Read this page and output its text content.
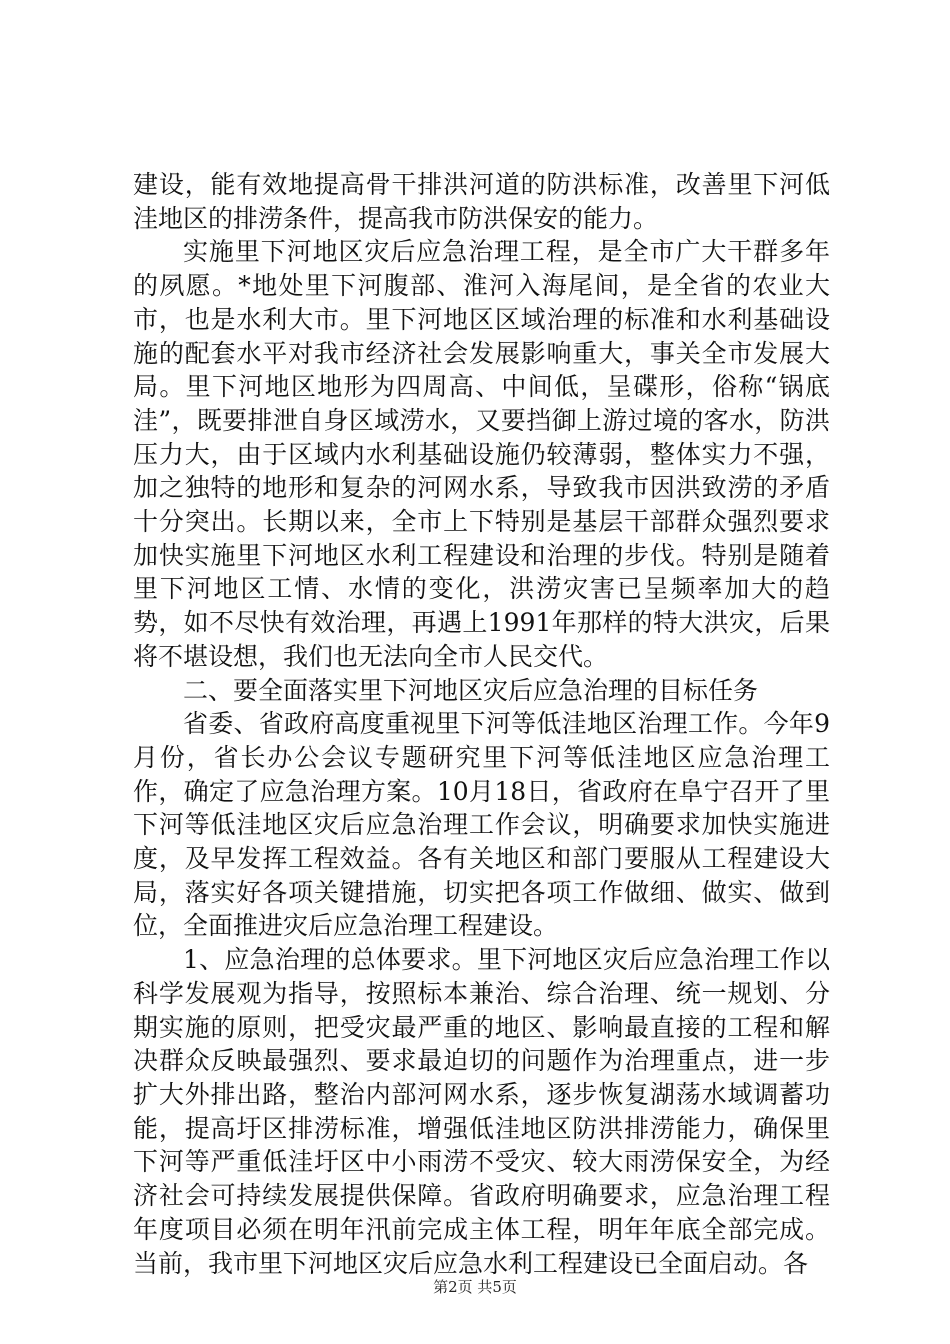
建设，能有效地提高骨干排洪河道的防洪标准，改善里下河低洼地区的排涝条件，提高我市防洪保安的能力。

实施里下河地区灾后应急治理工程，是全市广大干群多年的夙愿。*地处里下河腹部、淮河入海尾间，是全省的农业大市，也是水利大市。里下河地区区域治理的标准和水利基础设施的配套水平对我市经济社会发展影响重大，事关全市发展大局。里下河地区地形为四周高、中间低，呈碟形，俗称“锅底洼”，既要排泄自身区域涝水，又要挡御上游过境的客水，防洪压力大，由于区域内水利基础设施仍较薄弱，整体实力不强，加之独特的地形和复杂的河网水系，导致我市因洪致涝的矛盾十分突出。长期以来，全市上下特别是基层干部群众强烈要求加快实施里下河地区水利工程建设和治理的步伐。特别是随着里下河地区工情、水情的变化，洪涝灾害已呈频率加大的趋势，如不尽快有效治理，再遇上1991年那样的特大洪灾，后果将不堪设想，我们也无法向全市人民交代。

二、要全面落实里下河地区灾后应急治理的目标任务

省委、省政府高度重视里下河等低洼地区治理工作。今年9月份，省长办公会议专题研究里下河等低洼地区应急治理工作，确定了应急治理方案。10月18日，省政府在阜宁召开了里下河等低洼地区灾后应急治理工作会议，明确要求加快实施进度，及早发挥工程效益。各有关地区和部门要服从工程建设大局，落实好各项关键措施，切实把各项工作做细、做实、做到位，全面推进灾后应急治理工程建设。

1、应急治理的总体要求。里下河地区灾后应急治理工作以科学发展观为指导，按照标本兼治、综合治理、统一规划、分期实施的原则，把受灾最严重的地区、影响最直接的工程和解决群众反映最强烈、要求最迫切的问题作为治理重点，进一步扩大外排出路，整治内部河网水系，逐步恢复湖荡水域调蓄功能，提高圩区排涝标准，增强低洼地区防洪排涝能力，确保里下河等严重低洼圩区中小雨涝不受灾、较大雨涝保安全，为经济社会可持续发展提供保障。省政府明确要求，应急治理工程年度项目必须在明年汛前完成主体工程，明年年底全部完成。当前，我市里下河地区灾后应急水利工程建设已全面启动。各

第2页 共5页
